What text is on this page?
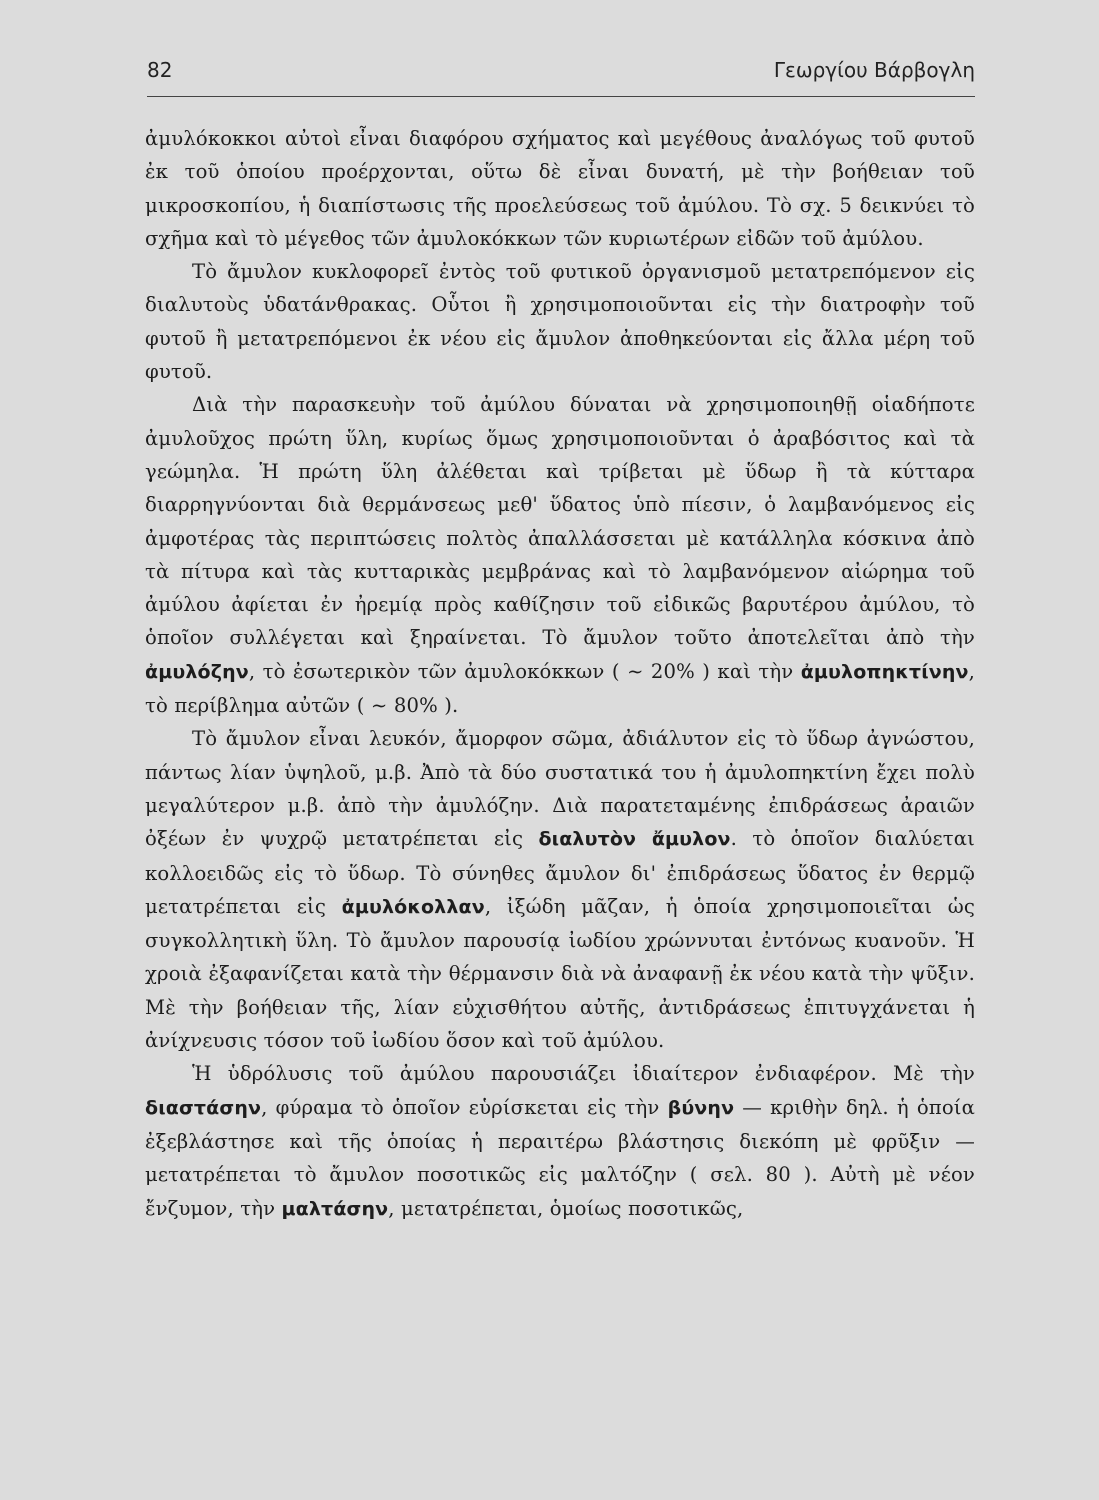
82	Γεωργίου Βάρβογλη

ἀμυλόκοκκοι αὐτοὶ εἶναι διαφόρου σχήματος καὶ μεγέθους ἀναλόγως τοῦ φυτοῦ ἐκ τοῦ ὁποίου προέρχονται, οὕτω δὲ εἶναι δυνατή, μὲ τὴν βοήθειαν τοῦ μικροσκοπίου, ἡ διαπίστωσις τῆς προελεύσεως τοῦ ἀμύλου. Τὸ σχ. 5 δεικνύει τὸ σχῆμα καὶ τὸ μέγεθος τῶν ἀμυλοκόκκων τῶν κυριωτέρων εἰδῶν τοῦ ἀμύλου.

Τὸ ἄμυλον κυκλοφορεῖ ἐντὸς τοῦ φυτικοῦ ὀργανισμοῦ μετατρεπόμενον εἰς διαλυτοὺς ὑδατάνθρακας. Οὗτοι ἢ χρησιμοποιοῦνται εἰς τὴν διατροφὴν τοῦ φυτοῦ ἢ μετατρεπόμενοι ἐκ νέου εἰς ἄμυλον ἀποθηκεύονται εἰς ἄλλα μέρη τοῦ φυτοῦ.

Διὰ τὴν παρασκευὴν τοῦ ἀμύλου δύναται νὰ χρησιμοποιηθῇ οἱαδήποτε ἀμυλοῦχος πρώτη ὕλη, κυρίως ὅμως χρησιμοποιοῦνται ὁ ἀραβόσιτος καὶ τὰ γεώμηλα. Ἡ πρώτη ὕλη ἀλέθεται καὶ τρίβεται μὲ ὕδωρ ἢ τὰ κύτταρα διαρρηγνύονται διὰ θερμάνσεως μεθ' ὕδατος ὑπὸ πίεσιν, ὁ λαμβανόμενος εἰς ἀμφοτέρας τὰς περιπτώσεις πολτὸς ἀπαλλάσσεται μὲ κατάλληλα κόσκινα ἀπὸ τὰ πίτυρα καὶ τὰς κυτταρικὰς μεμβράνας καὶ τὸ λαμβανόμενον αἰώρημα τοῦ ἀμύλου ἀφίεται ἐν ἠρεμίᾳ πρὸς καθίζησιν τοῦ εἰδικῶς βαρυτέρου ἀμύλου, τὸ ὁποῖον συλλέγεται καὶ ξηραίνεται. Τὸ ἄμυλον τοῦτο ἀποτελεῖται ἀπὸ τὴν ἀμυλόζην, τὸ ἐσωτερικὸν τῶν ἀμυλοκόκκων ( ∼ 20% ) καὶ τὴν ἀμυλοπηκτίνην, τὸ περίβλημα αὐτῶν ( ∼ 80% ).

Τὸ ἄμυλον εἶναι λευκόν, ἄμορφον σῶμα, ἀδιάλυτον εἰς τὸ ὕδωρ ἀγνώστου, πάντως λίαν ὑψηλοῦ, μ.β. Ἀπὸ τὰ δύο συστατικά του ἡ ἀμυλοπηκτίνη ἔχει πολὺ μεγαλύτερον μ.β. ἀπὸ τὴν ἀμυλόζην. Διὰ παρατεταμένης ἐπιδράσεως ἀραιῶν ὀξέων ἐν ψυχρῷ μετατρέπεται εἰς διαλυτὸν ἄμυλον. τὸ ὁποῖον διαλύεται κολλοειδῶς εἰς τὸ ὕδωρ. Τὸ σύνηθες ἄμυλον δι' ἐπιδράσεως ὕδατος ἐν θερμῷ μετατρέπεται εἰς ἀμυλόκολλαν, ἰξώδη μᾶζαν, ἡ ὁποία χρησιμοποιεῖται ὡς συγκολλητικὴ ὕλη. Τὸ ἄμυλον παρουσίᾳ ἰωδίου χρώννυται ἐντόνως κυανοῦν. Ἡ χροιὰ ἐξαφανίζεται κατὰ τὴν θέρμανσιν διὰ νὰ ἀναφανῇ ἐκ νέου κατὰ τὴν ψῦξιν. Μὲ τὴν βοήθειαν τῆς, λίαν εὐχισθήτου αὐτῆς, ἀντιδράσεως ἐπιτυγχάνεται ἡ ἀνίχνευσις τόσον τοῦ ἰωδίου ὅσον καὶ τοῦ ἀμύλου.

Ἡ ὑδρόλυσις τοῦ ἀμύλου παρουσιάζει ἰδιαίτερον ἐνδιαφέρον. Μὲ τὴν διαστάσην, φύραμα τὸ ὁποῖον εὑρίσκεται εἰς τὴν βύνην — κριθὴν δηλ. ἡ ὁποία ἐξεβλάστησε καὶ τῆς ὁποίας ἡ περαιτέρω βλάστησις διεκόπη μὲ φρῦξιν — μετατρέπεται τὸ ἄμυλον ποσοτικῶς εἰς μαλτόζην ( σελ. 80 ). Αὐτὴ μὲ νέον ἔνζυμον, τὴν μαλτάσην, μετατρέπεται, ὁμοίως ποσοτικῶς,
